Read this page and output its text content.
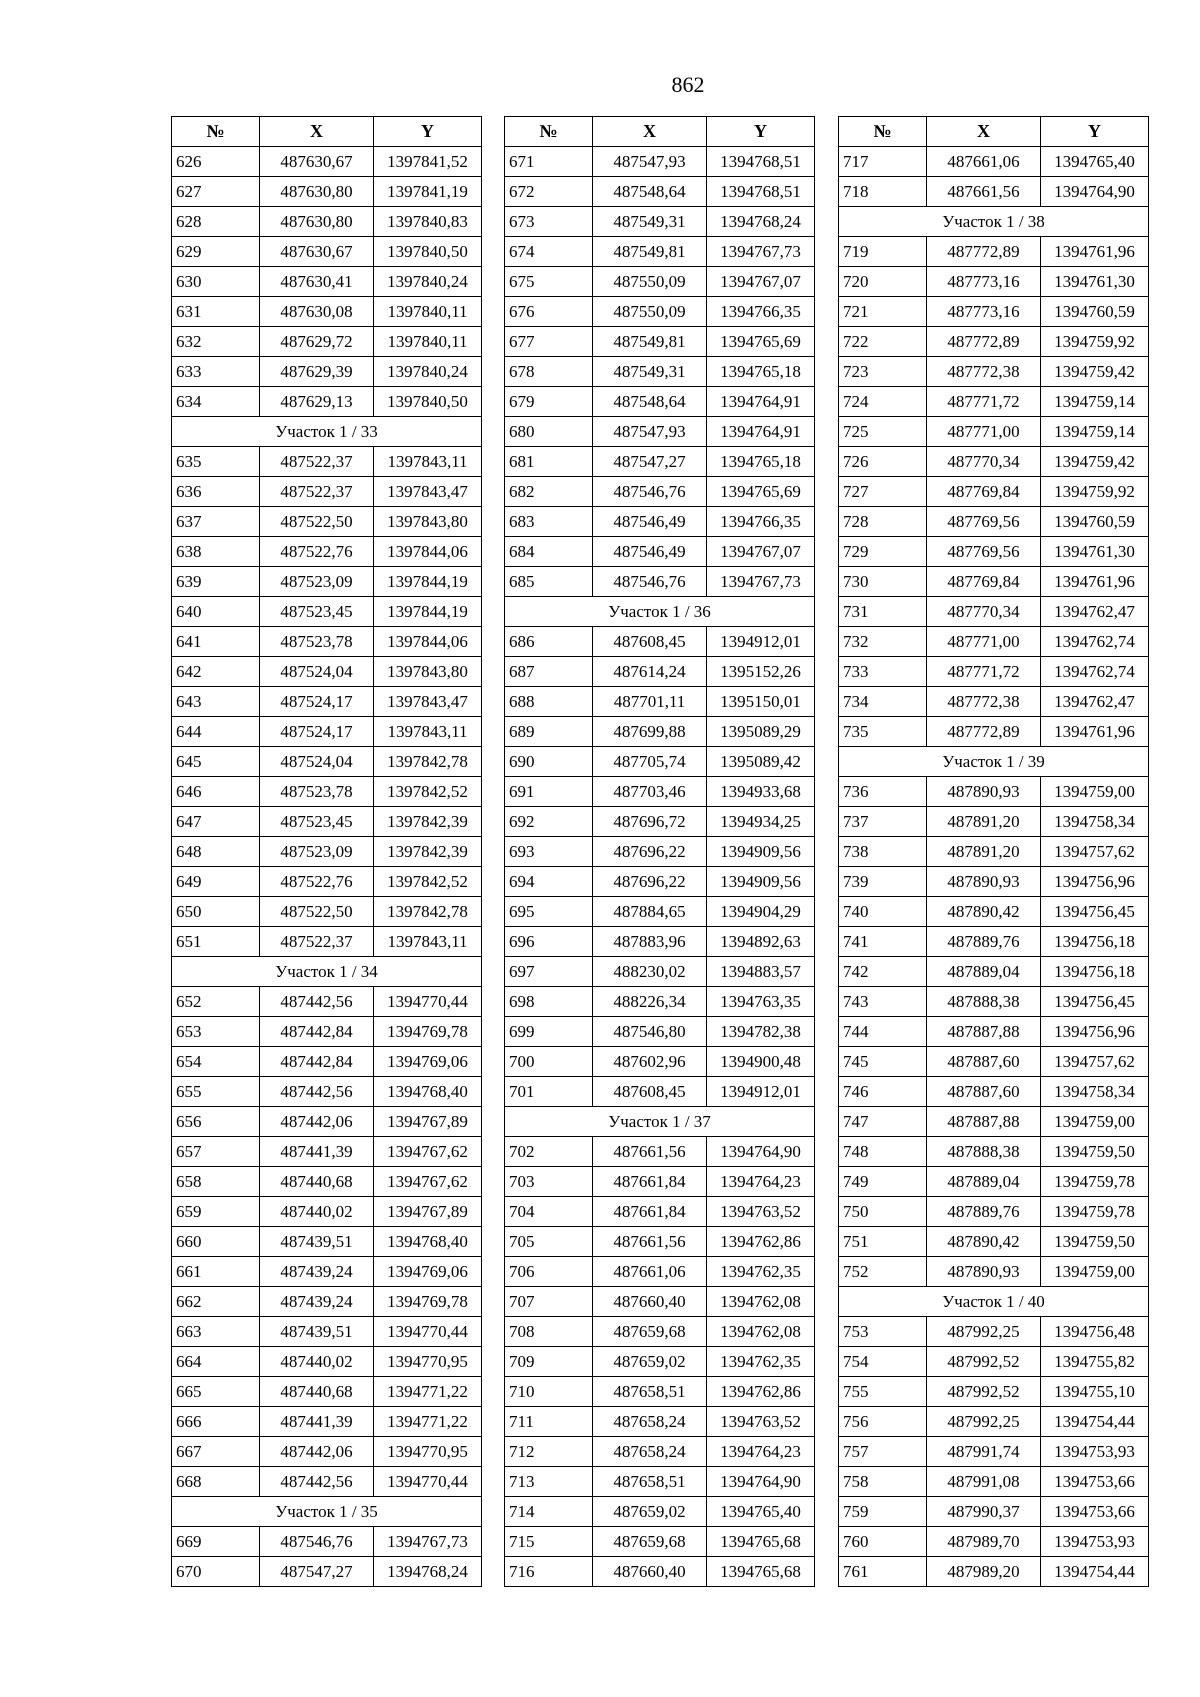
862
№	X	Y
626	487630,67	1397841,52
627	487630,80	1397841,19
628	487630,80	1397840,83
629	487630,67	1397840,50
630	487630,41	1397840,24
631	487630,08	1397840,11
632	487629,72	1397840,11
633	487629,39	1397840,24
634	487629,13	1397840,50
Участок 1 / 33		
635	487522,37	1397843,11
636	487522,37	1397843,47
637	487522,50	1397843,80
638	487522,76	1397844,06
639	487523,09	1397844,19
640	487523,45	1397844,19
641	487523,78	1397844,06
642	487524,04	1397843,80
643	487524,17	1397843,47
644	487524,17	1397843,11
645	487524,04	1397842,78
646	487523,78	1397842,52
647	487523,45	1397842,39
648	487523,09	1397842,39
649	487522,76	1397842,52
650	487522,50	1397842,78
651	487522,37	1397843,11
Участок 1 / 34		
652	487442,56	1394770,44
653	487442,84	1394769,78
654	487442,84	1394769,06
655	487442,56	1394768,40
656	487442,06	1394767,89
657	487441,39	1394767,62
658	487440,68	1394767,62
659	487440,02	1394767,89
660	487439,51	1394768,40
661	487439,24	1394769,06
662	487439,24	1394769,78
663	487439,51	1394770,44
664	487440,02	1394770,95
665	487440,68	1394771,22
666	487441,39	1394771,22
667	487442,06	1394770,95
668	487442,56	1394770,44
Участок 1 / 35		
669	487546,76	1394767,73
670	487547,27	1394768,24
№	X	Y
671	487547,93	1394768,51
672	487548,64	1394768,51
673	487549,31	1394768,24
674	487549,81	1394767,73
675	487550,09	1394767,07
676	487550,09	1394766,35
677	487549,81	1394765,69
678	487549,31	1394765,18
679	487548,64	1394764,91
680	487547,93	1394764,91
681	487547,27	1394765,18
682	487546,76	1394765,69
683	487546,49	1394766,35
684	487546,49	1394767,07
685	487546,76	1394767,73
Участок 1 / 36		
686	487608,45	1394912,01
687	487614,24	1395152,26
688	487701,11	1395150,01
689	487699,88	1395089,29
690	487705,74	1395089,42
691	487703,46	1394933,68
692	487696,72	1394934,25
693	487696,22	1394909,56
694	487696,22	1394909,56
695	487884,65	1394904,29
696	487883,96	1394892,63
697	488230,02	1394883,57
698	488226,34	1394763,35
699	487546,80	1394782,38
700	487602,96	1394900,48
701	487608,45	1394912,01
Участок 1 / 37		
702	487661,56	1394764,90
703	487661,84	1394764,23
704	487661,84	1394763,52
705	487661,56	1394762,86
706	487661,06	1394762,35
707	487660,40	1394762,08
708	487659,68	1394762,08
709	487659,02	1394762,35
710	487658,51	1394762,86
711	487658,24	1394763,52
712	487658,24	1394764,23
713	487658,51	1394764,90
714	487659,02	1394765,40
715	487659,68	1394765,68
716	487660,40	1394765,68
№	X	Y
717	487661,06	1394765,40
718	487661,56	1394764,90
Участок 1 / 38		
719	487772,89	1394761,96
720	487773,16	1394761,30
721	487773,16	1394760,59
722	487772,89	1394759,92
723	487772,38	1394759,42
724	487771,72	1394759,14
725	487771,00	1394759,14
726	487770,34	1394759,42
727	487769,84	1394759,92
728	487769,56	1394760,59
729	487769,56	1394761,30
730	487769,84	1394761,96
731	487770,34	1394762,47
732	487771,00	1394762,74
733	487771,72	1394762,74
734	487772,38	1394762,47
735	487772,89	1394761,96
Участок 1 / 39		
736	487890,93	1394759,00
737	487891,20	1394758,34
738	487891,20	1394757,62
739	487890,93	1394756,96
740	487890,42	1394756,45
741	487889,76	1394756,18
742	487889,04	1394756,18
743	487888,38	1394756,45
744	487887,88	1394756,96
745	487887,60	1394757,62
746	487887,60	1394758,34
747	487887,88	1394759,00
748	487888,38	1394759,50
749	487889,04	1394759,78
750	487889,76	1394759,78
751	487890,42	1394759,50
752	487890,93	1394759,00
Участок 1 / 40		
753	487992,25	1394756,48
754	487992,52	1394755,82
755	487992,52	1394755,10
756	487992,25	1394754,44
757	487991,74	1394753,93
758	487991,08	1394753,66
759	487990,37	1394753,66
760	487989,70	1394753,93
761	487989,20	1394754,44
